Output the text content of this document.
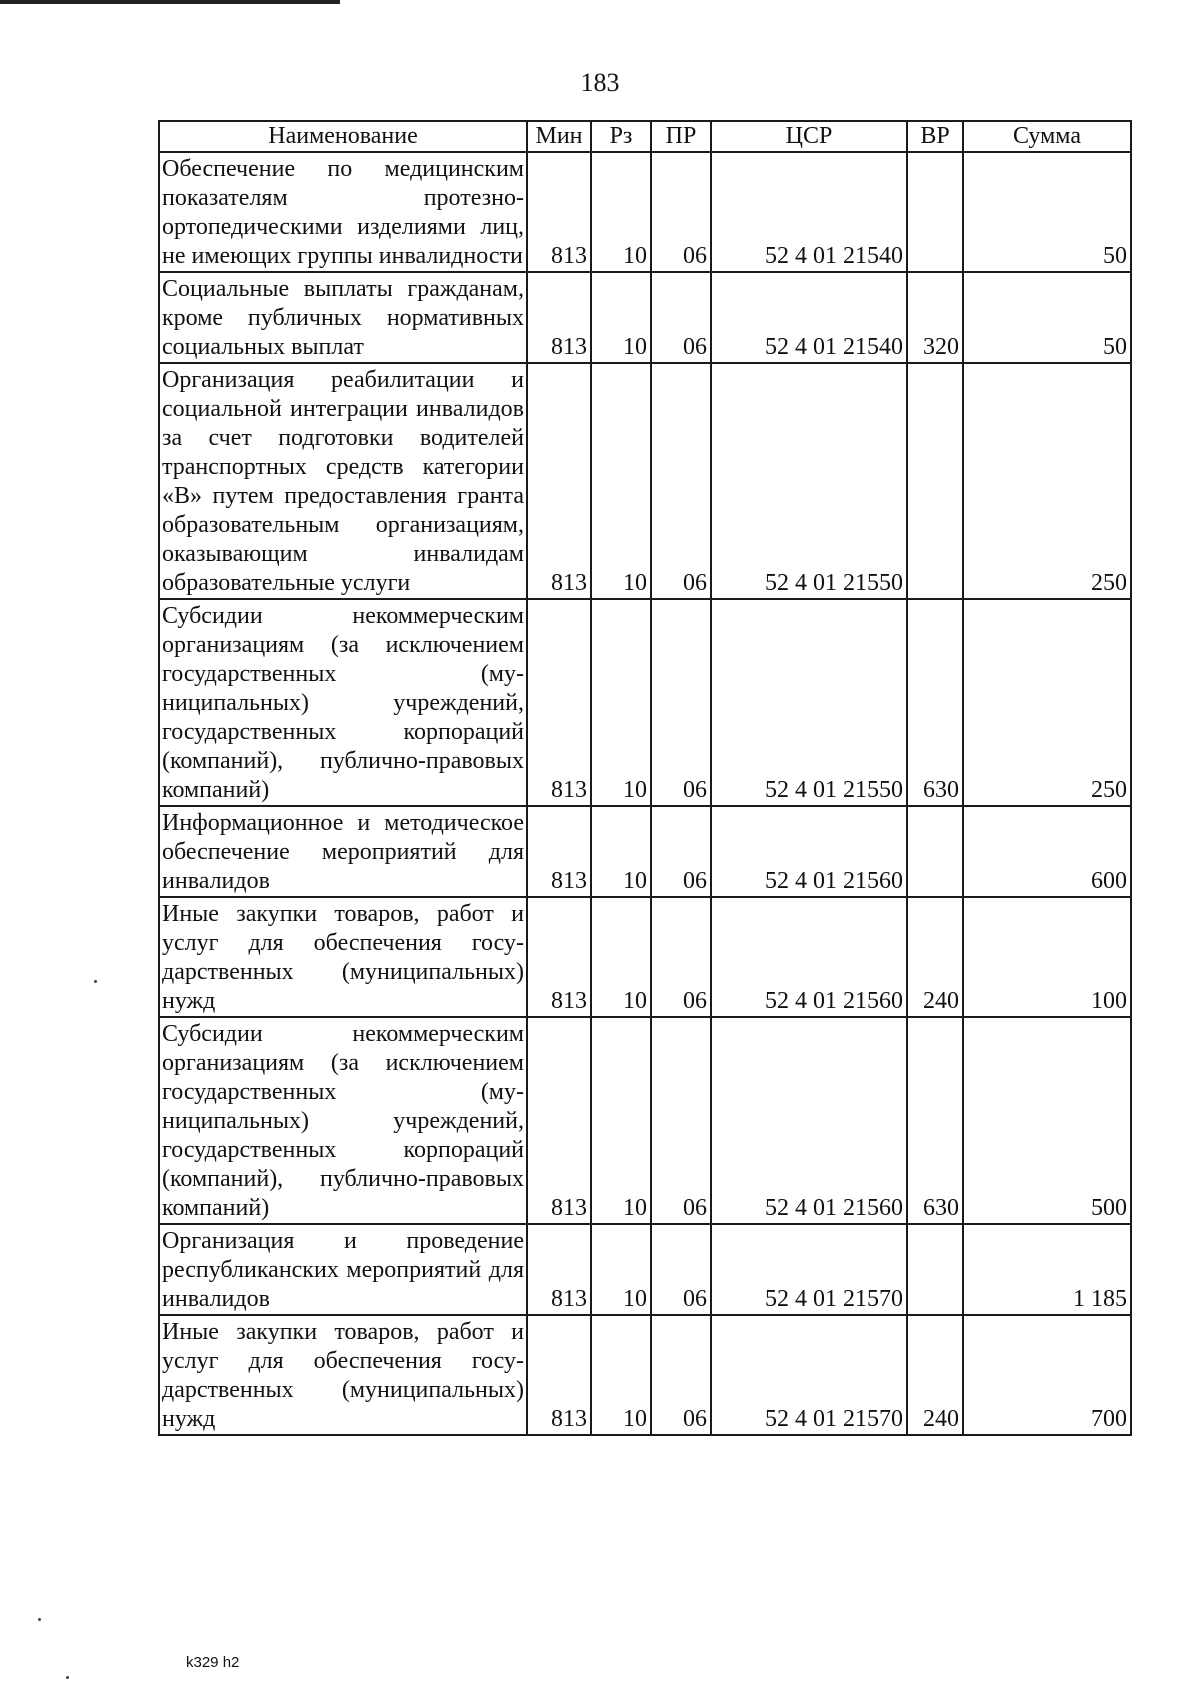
183
Наименование	Мин	Рз	ПР	ЦСР	ВР	Сумма
Обеспечение по медицинским показателям протезно-ортопедическими изделиями лиц, не имеющих группы инвалидности	813	10	06	52 4 01 21540		50
Социальные выплаты гражданам, кроме публичных нормативных социальных выплат	813	10	06	52 4 01 21540	320	50
Организация реабилитации и социальной интеграции инвалидов за счет подготовки водителей транспортных средств категории «В» путем предоставления гранта образовательным организациям, оказывающим инвалидам образовательные услуги	813	10	06	52 4 01 21550		250
Субсидии некоммерческим организациям (за исключением государственных (муниципальных) учреждений, государственных корпораций (компаний), публично-правовых компаний)	813	10	06	52 4 01 21550	630	250
Информационное и методическое обеспечение мероприятий для инвалидов	813	10	06	52 4 01 21560		600
Иные закупки товаров, работ и услуг для обеспечения государственных (муниципальных) нужд	813	10	06	52 4 01 21560	240	100
Субсидии некоммерческим организациям (за исключением государственных (муниципальных) учреждений, государственных корпораций (компаний), публично-правовых компаний)	813	10	06	52 4 01 21560	630	500
Организация и проведение республиканских мероприятий для инвалидов	813	10	06	52 4 01 21570		1 185
Иные закупки товаров, работ и услуг для обеспечения государственных (муниципальных) нужд	813	10	06	52 4 01 21570	240	700
k329 h2
